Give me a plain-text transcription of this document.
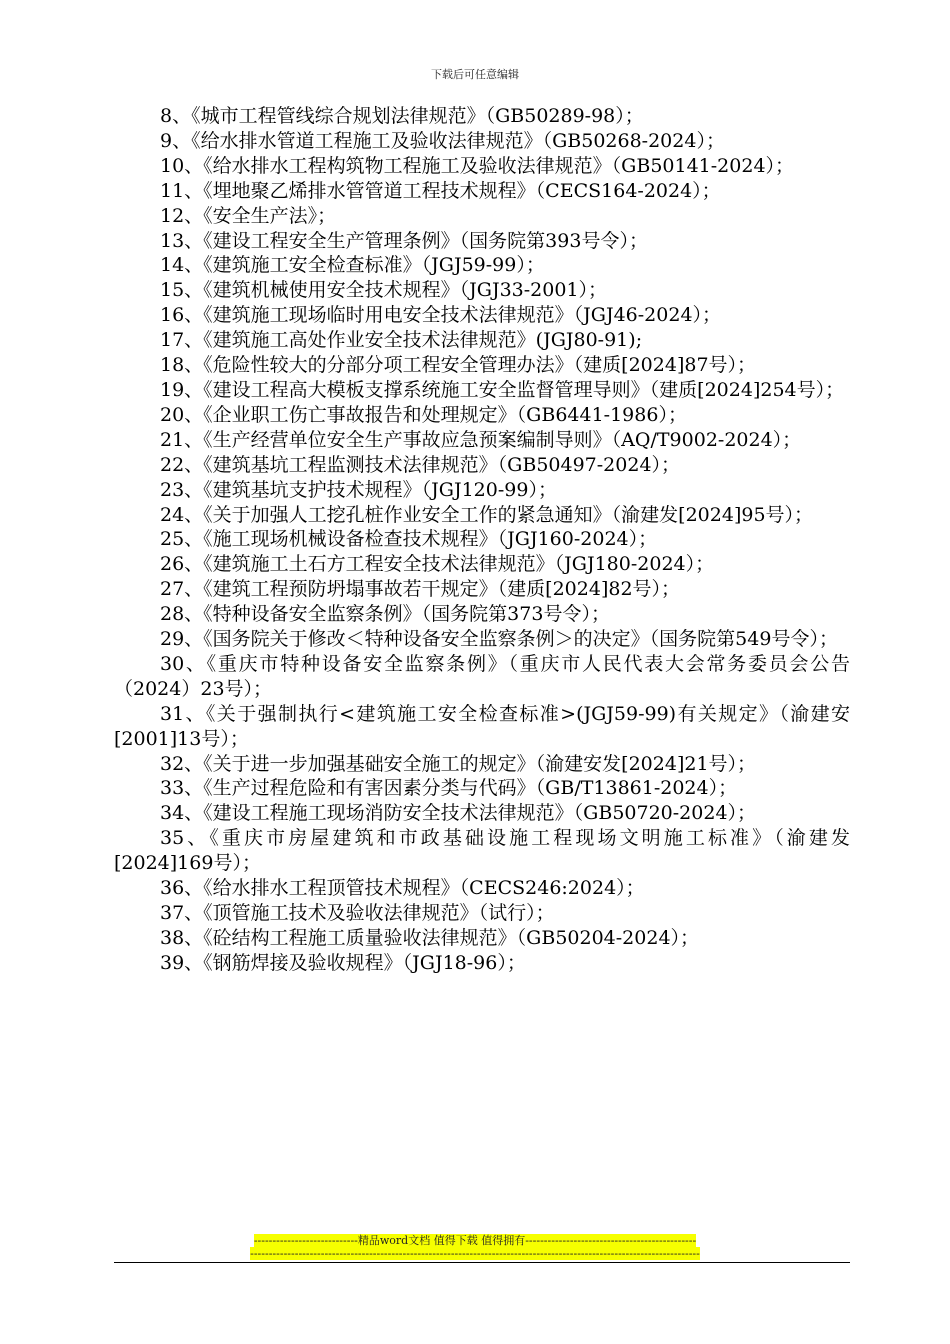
下载后可任意编辑
8、《城市工程管线综合规划法律规范》（GB50289-98）；
9、《给水排水管道工程施工及验收法律规范》（GB50268-2024）；
10、《给水排水工程构筑物工程施工及验收法律规范》（GB50141-2024）；
11、《埋地聚乙烯排水管管道工程技术规程》（CECS164-2024）；
12、《安全生产法》；
13、《建设工程安全生产管理条例》（国务院第393号令）；
14、《建筑施工安全检查标准》（JGJ59-99）；
15、《建筑机械使用安全技术规程》（JGJ33-2001）；
16、《建筑施工现场临时用电安全技术法律规范》（JGJ46-2024）；
17、《建筑施工高处作业安全技术法律规范》(JGJ80-91);
18、《危险性较大的分部分项工程安全管理办法》（建质[2024]87号）；
19、《建设工程高大模板支撑系统施工安全监督管理导则》（建质[2024]254号）；
20、《企业职工伤亡事故报告和处理规定》（GB6441-1986）；
21、《生产经营单位安全生产事故应急预案编制导则》（AQ/T9002-2024）；
22、《建筑基坑工程监测技术法律规范》（GB50497-2024）；
23、《建筑基坑支护技术规程》（JGJ120-99）；
24、《关于加强人工挖孔桩作业安全工作的紧急通知》（渝建发[2024]95号）；
25、《施工现场机械设备检查技术规程》（JGJ160-2024）；
26、《建筑施工土石方工程安全技术法律规范》（JGJ180-2024）；
27、《建筑工程预防坍塌事故若干规定》（建质[2024]82号）；
28、《特种设备安全监察条例》（国务院第373号令）；
29、《国务院关于修改＜特种设备安全监察条例＞的决定》（国务院第549号令）；
30、《重庆市特种设备安全监察条例》（重庆市人民代表大会常务委员会公告（2024）23号）；
31、《关于强制执行<建筑施工安全检查标准>(JGJ59-99)有关规定》（渝建安[2001]13号）；
32、《关于进一步加强基础安全施工的规定》（渝建安发[2024]21号）；
33、《生产过程危险和有害因素分类与代码》（GB/T13861-2024）；
34、《建设工程施工现场消防安全技术法律规范》（GB50720-2024）；
35、《重庆市房屋建筑和市政基础设施工程现场文明施工标准》（渝建发[2024]169号）；
36、《给水排水工程顶管技术规程》（CECS246:2024）；
37、《顶管施工技术及验收法律规范》（试行）；
38、《砼结构工程施工质量验收法律规范》（GB50204-2024）；
39、《钢筋焊接及验收规程》（JGJ18-96）；
----------------------------精品word文档 值得下载 值得拥有----------------------------------------------
-------------------------------------------------------------------------------------------------------------------------
